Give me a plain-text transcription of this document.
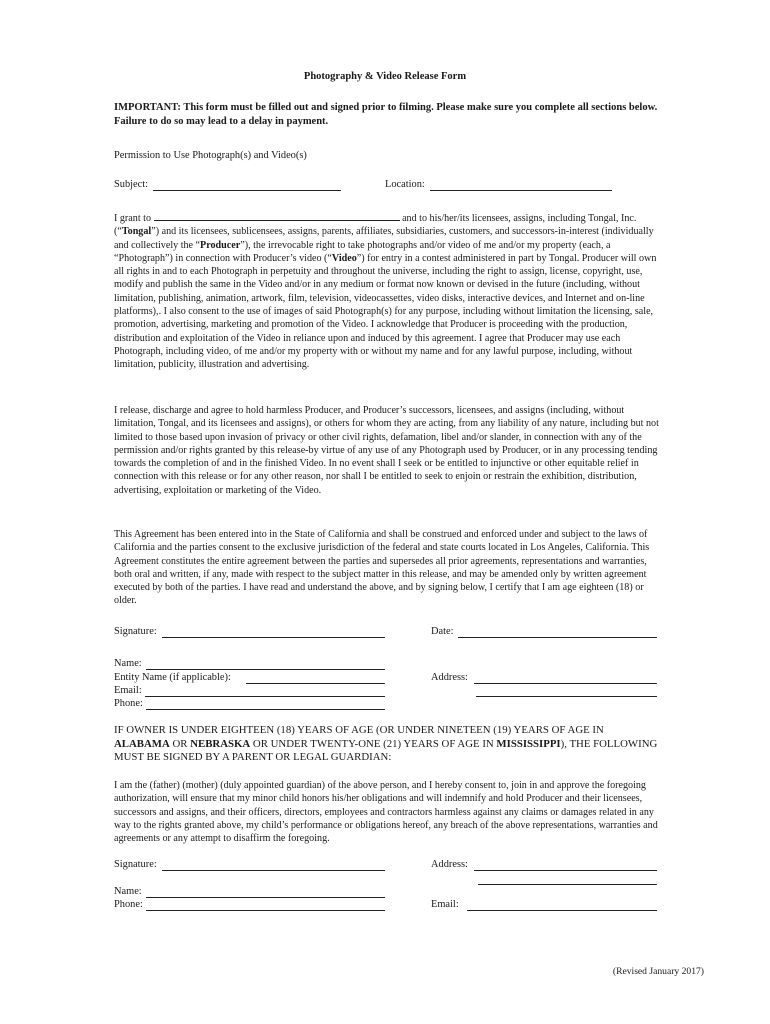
Photography & Video Release Form
IMPORTANT: This form must be filled out and signed prior to filming. Please make sure you complete all sections below. Failure to do so may lead to a delay in payment.
Permission to Use Photograph(s) and Video(s)
Subject:	Location:
I grant to	and to his/her/its licensees, assigns, including Tongal, Inc. (“Tongal”) and its licensees, sublicensees, assigns, parents, affiliates, subsidiaries, customers, and successors-in-interest (individually and collectively the “Producer”), the irrevocable right to take photographs and/or video of me and/or my property (each, a “Photograph”) in connection with Producer’s video (“Video”) for entry in a contest administered in part by Tongal. Producer will own all rights in and to each Photograph in perpetuity and throughout the universe, including the right to assign, license, copyright, use, modify and publish the same in the Video and/or in any medium or format now known or devised in the future (including, without limitation, publishing, animation, artwork, film, television, videocassettes, video disks, interactive devices, and Internet and on-line platforms),. I also consent to the use of images of said Photograph(s) for any purpose, including without limitation the licensing, sale, promotion, advertising, marketing and promotion of the Video. I acknowledge that Producer is proceeding with the production, distribution and exploitation of the Video in reliance upon and induced by this agreement. I agree that Producer may use each Photograph, including video, of me and/or my property with or without my name and for any lawful purpose, including, without limitation, publicity, illustration and advertising.
I release, discharge and agree to hold harmless Producer, and Producer’s successors, licensees, and assigns (including, without limitation, Tongal, and its licensees and assigns), or others for whom they are acting, from any liability of any nature, including but not limited to those based upon invasion of privacy or other civil rights, defamation, libel and/or slander, in connection with any of the permission and/or rights granted by this release-by virtue of any use of any Photograph used by Producer, or in any processing tending towards the completion of and in the finished Video. In no event shall I seek or be entitled to injunctive or other equitable relief in connection with this release or for any other reason, nor shall I be entitled to seek to enjoin or restrain the exhibition, distribution, advertising, exploitation or marketing of the Video.
This Agreement has been entered into in the State of California and shall be construed and enforced under and subject to the laws of California and the parties consent to the exclusive jurisdiction of the federal and state courts located in Los Angeles, California. This Agreement constitutes the entire agreement between the parties and supersedes all prior agreements, representations and warranties, both oral and written, if any, made with respect to the subject matter in this release, and may be amended only by written agreement executed by both of the parties. I have read and understand the above, and by signing below, I certify that I am age eighteen (18) or older.
Signature:	Date:
Name:
Entity Name (if applicable):
Email:
Phone:
Address:
IF OWNER IS UNDER EIGHTEEN (18) YEARS OF AGE (OR UNDER NINETEEN (19) YEARS OF AGE IN ALABAMA OR NEBRASKA OR UNDER TWENTY-ONE (21) YEARS OF AGE IN MISSISSIPPI), THE FOLLOWING MUST BE SIGNED BY A PARENT OR LEGAL GUARDIAN:
I am the (father) (mother) (duly appointed guardian) of the above person, and I hereby consent to, join in and approve the foregoing authorization, will ensure that my minor child honors his/her obligations and will indemnify and hold Producer and their licensees, successors and assigns, and their officers, directors, employees and contractors harmless against any claims or damages related in any way to the rights granted above, my child’s performance or obligations hereof, any breach of the above representations, warranties and agreements or any attempt to disaffirm the foregoing.
Signature:	Address:
Name:
Phone:	Email:
(Revised January 2017)
